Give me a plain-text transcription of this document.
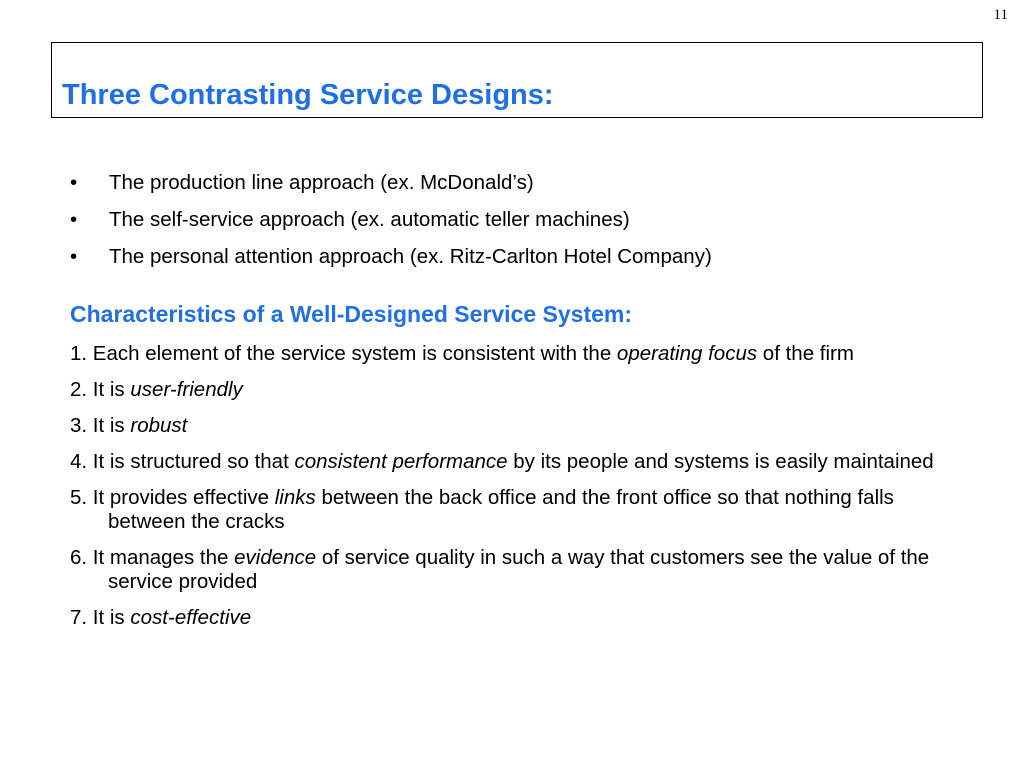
11
Three Contrasting Service Designs:
• The production line approach (ex. McDonald’s)
• The self-service approach (ex. automatic teller machines)
• The personal attention approach (ex. Ritz-Carlton Hotel Company)
Characteristics of a Well-Designed Service System:
1. Each element of the service system is consistent with the operating focus of the firm
2. It is user-friendly
3. It is robust
4. It is structured so that consistent performance by its people and systems is easily maintained
5. It provides effective links between the back office and the front office so that nothing falls between the cracks
6. It manages the evidence of service quality in such a way that customers see the value of the service provided
7. It is cost-effective
